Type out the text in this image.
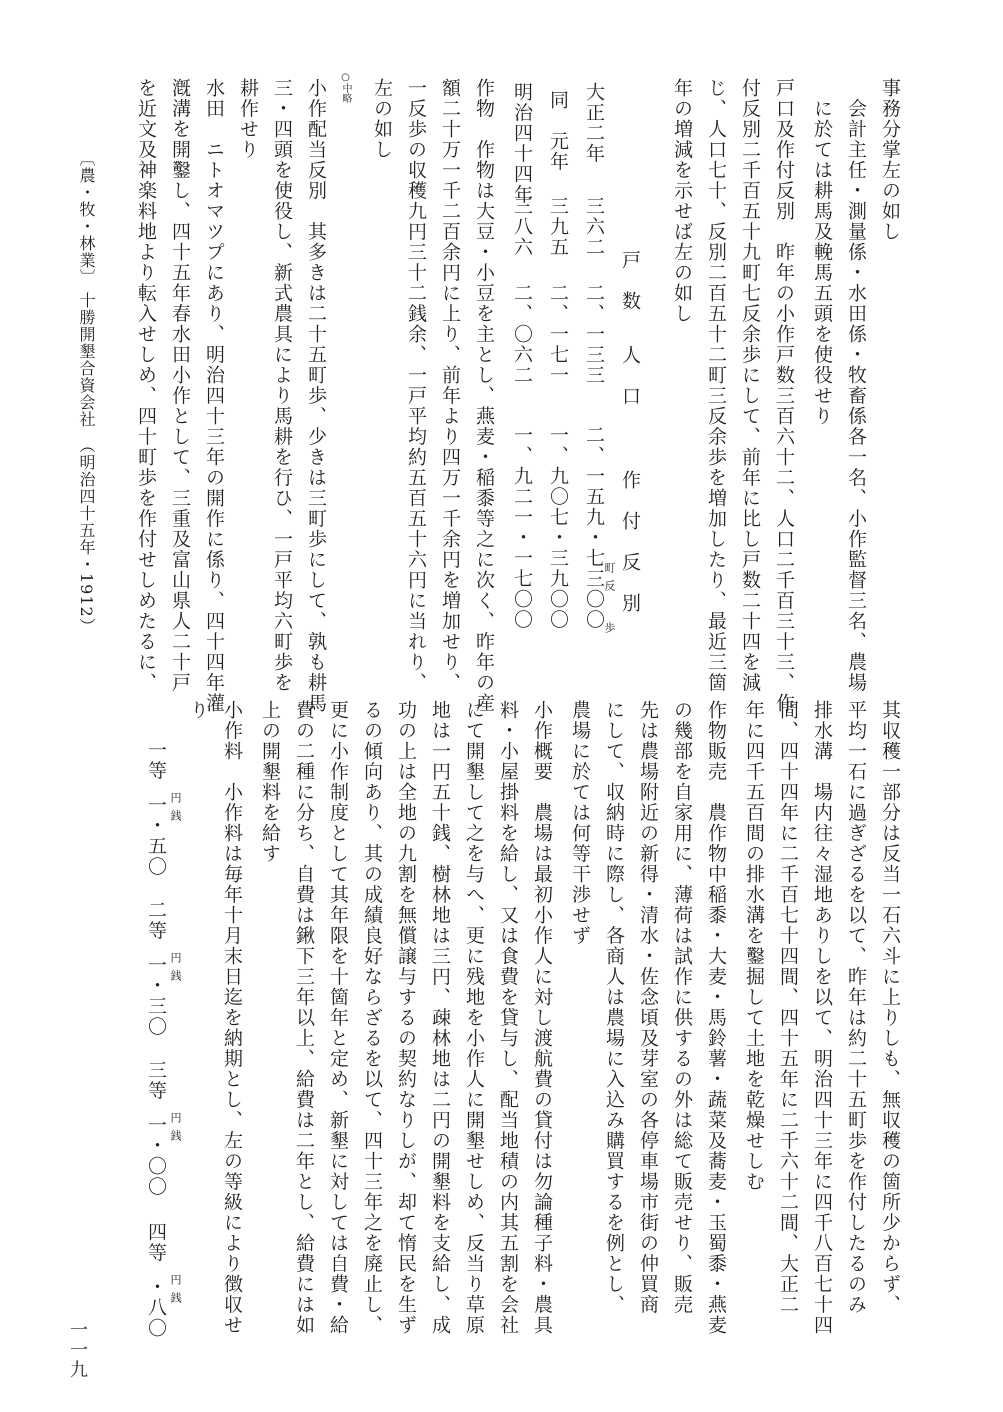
事務分掌左の如し
　会計主任・測量係・水田係・牧畜係各一名、小作監督三名、農場
　に於ては耕馬及輓馬五頭を使役せり
戸口及作付反別　昨年の小作戸数三百六十二、人口二千百三十三、作
付反別二千百五十九町七反余歩にして、前年に比し戸数二十四を減
じ、人口七十、反別二百五十二町三反余歩を増加したり、最近三箇
年の増減を示せば左の如し
戸　数
人　口
作　付　反　別
町
反
歩
大正二年
三六二
二、一三三
二、一五九・七三〇〇
同　元年
三九五
二、一七一
一、九〇七・三九〇〇
明治四十四年
三八六
二、〇六二
一、九二一・一七〇〇
作物　作物は大豆・小豆を主とし、燕麦・稲黍等之に次く、昨年の産
額二十万一千二百余円に上り、前年より四万一千余円を増加せり、
一反歩の収穫九円三十二銭余、一戸平均約五百五十六円に当れり、
左の如し
○中略
小作配当反別　其多きは二十五町歩、少きは三町歩にして、孰も耕馬
三・四頭を使役し、新式農具により馬耕を行ひ、一戸平均六町歩を
耕作せり
水田　ニトオマツプにあり、明治四十三年の開作に係り、四十四年灌
漑溝を開鑿し、四十五年春水田小作として、三重及富山県人二十戸
を近文及神楽料地より転入せしめ、四十町歩を作付せしめたるに、
〔農・牧・林業〕
十勝開墾合資会社　（明治四十五年・1912）
其収穫一部分は反当一石六斗に上りしも、無収穫の箇所少からず、
平均一石に過ぎざるを以て、昨年は約二十五町歩を作付したるのみ
排水溝　場内往々湿地ありしを以て、明治四十三年に四千八百七十四
間、四十四年に二千百七十四間、四十五年に二千六十二間、大正二
年に四千五百間の排水溝を鑿掘して土地を乾燥せしむ
作物販売　農作物中稲黍・大麦・馬鈴薯・蔬菜及蕎麦・玉蜀黍・燕麦
の幾部を自家用に、薄荷は試作に供するの外は総て販売せり、販売
先は農場附近の新得・清水・佐念頃及芽室の各停車場市街の仲買商
にして、収納時に際し、各商人は農場に入込み購買するを例とし、
農場に於ては何等干渉せず
小作概要　農場は最初小作人に対し渡航費の貸付は勿論種子料・農具
料・小屋掛料を給し、又は食費を貸与し、配当地積の内其五割を会社
にて開墾して之を与へ、更に残地を小作人に開墾せしめ、反当り草原
地は一円五十銭、樹林地は三円、疎林地は二円の開墾料を支給し、成
功の上は全地の九割を無償譲与するの契約なりしが、却て惰民を生ず
るの傾向あり、其の成績良好ならざるを以て、四十三年之を廃止し、
更に小作制度として其年限を十箇年と定め、新墾に対しては自費・給
費の二種に分ち、自費は鍬下三年以上、給費は二年とし、給費には如
上の開墾料を給す
小作料　小作料は毎年十月末日迄を納期とし、左の等級により徴収せ
り
一等
一・五〇 円
銭
二等
一・三〇 円
銭
三等
一・〇〇 円
銭
四等
・八〇 円
銭
一一九
